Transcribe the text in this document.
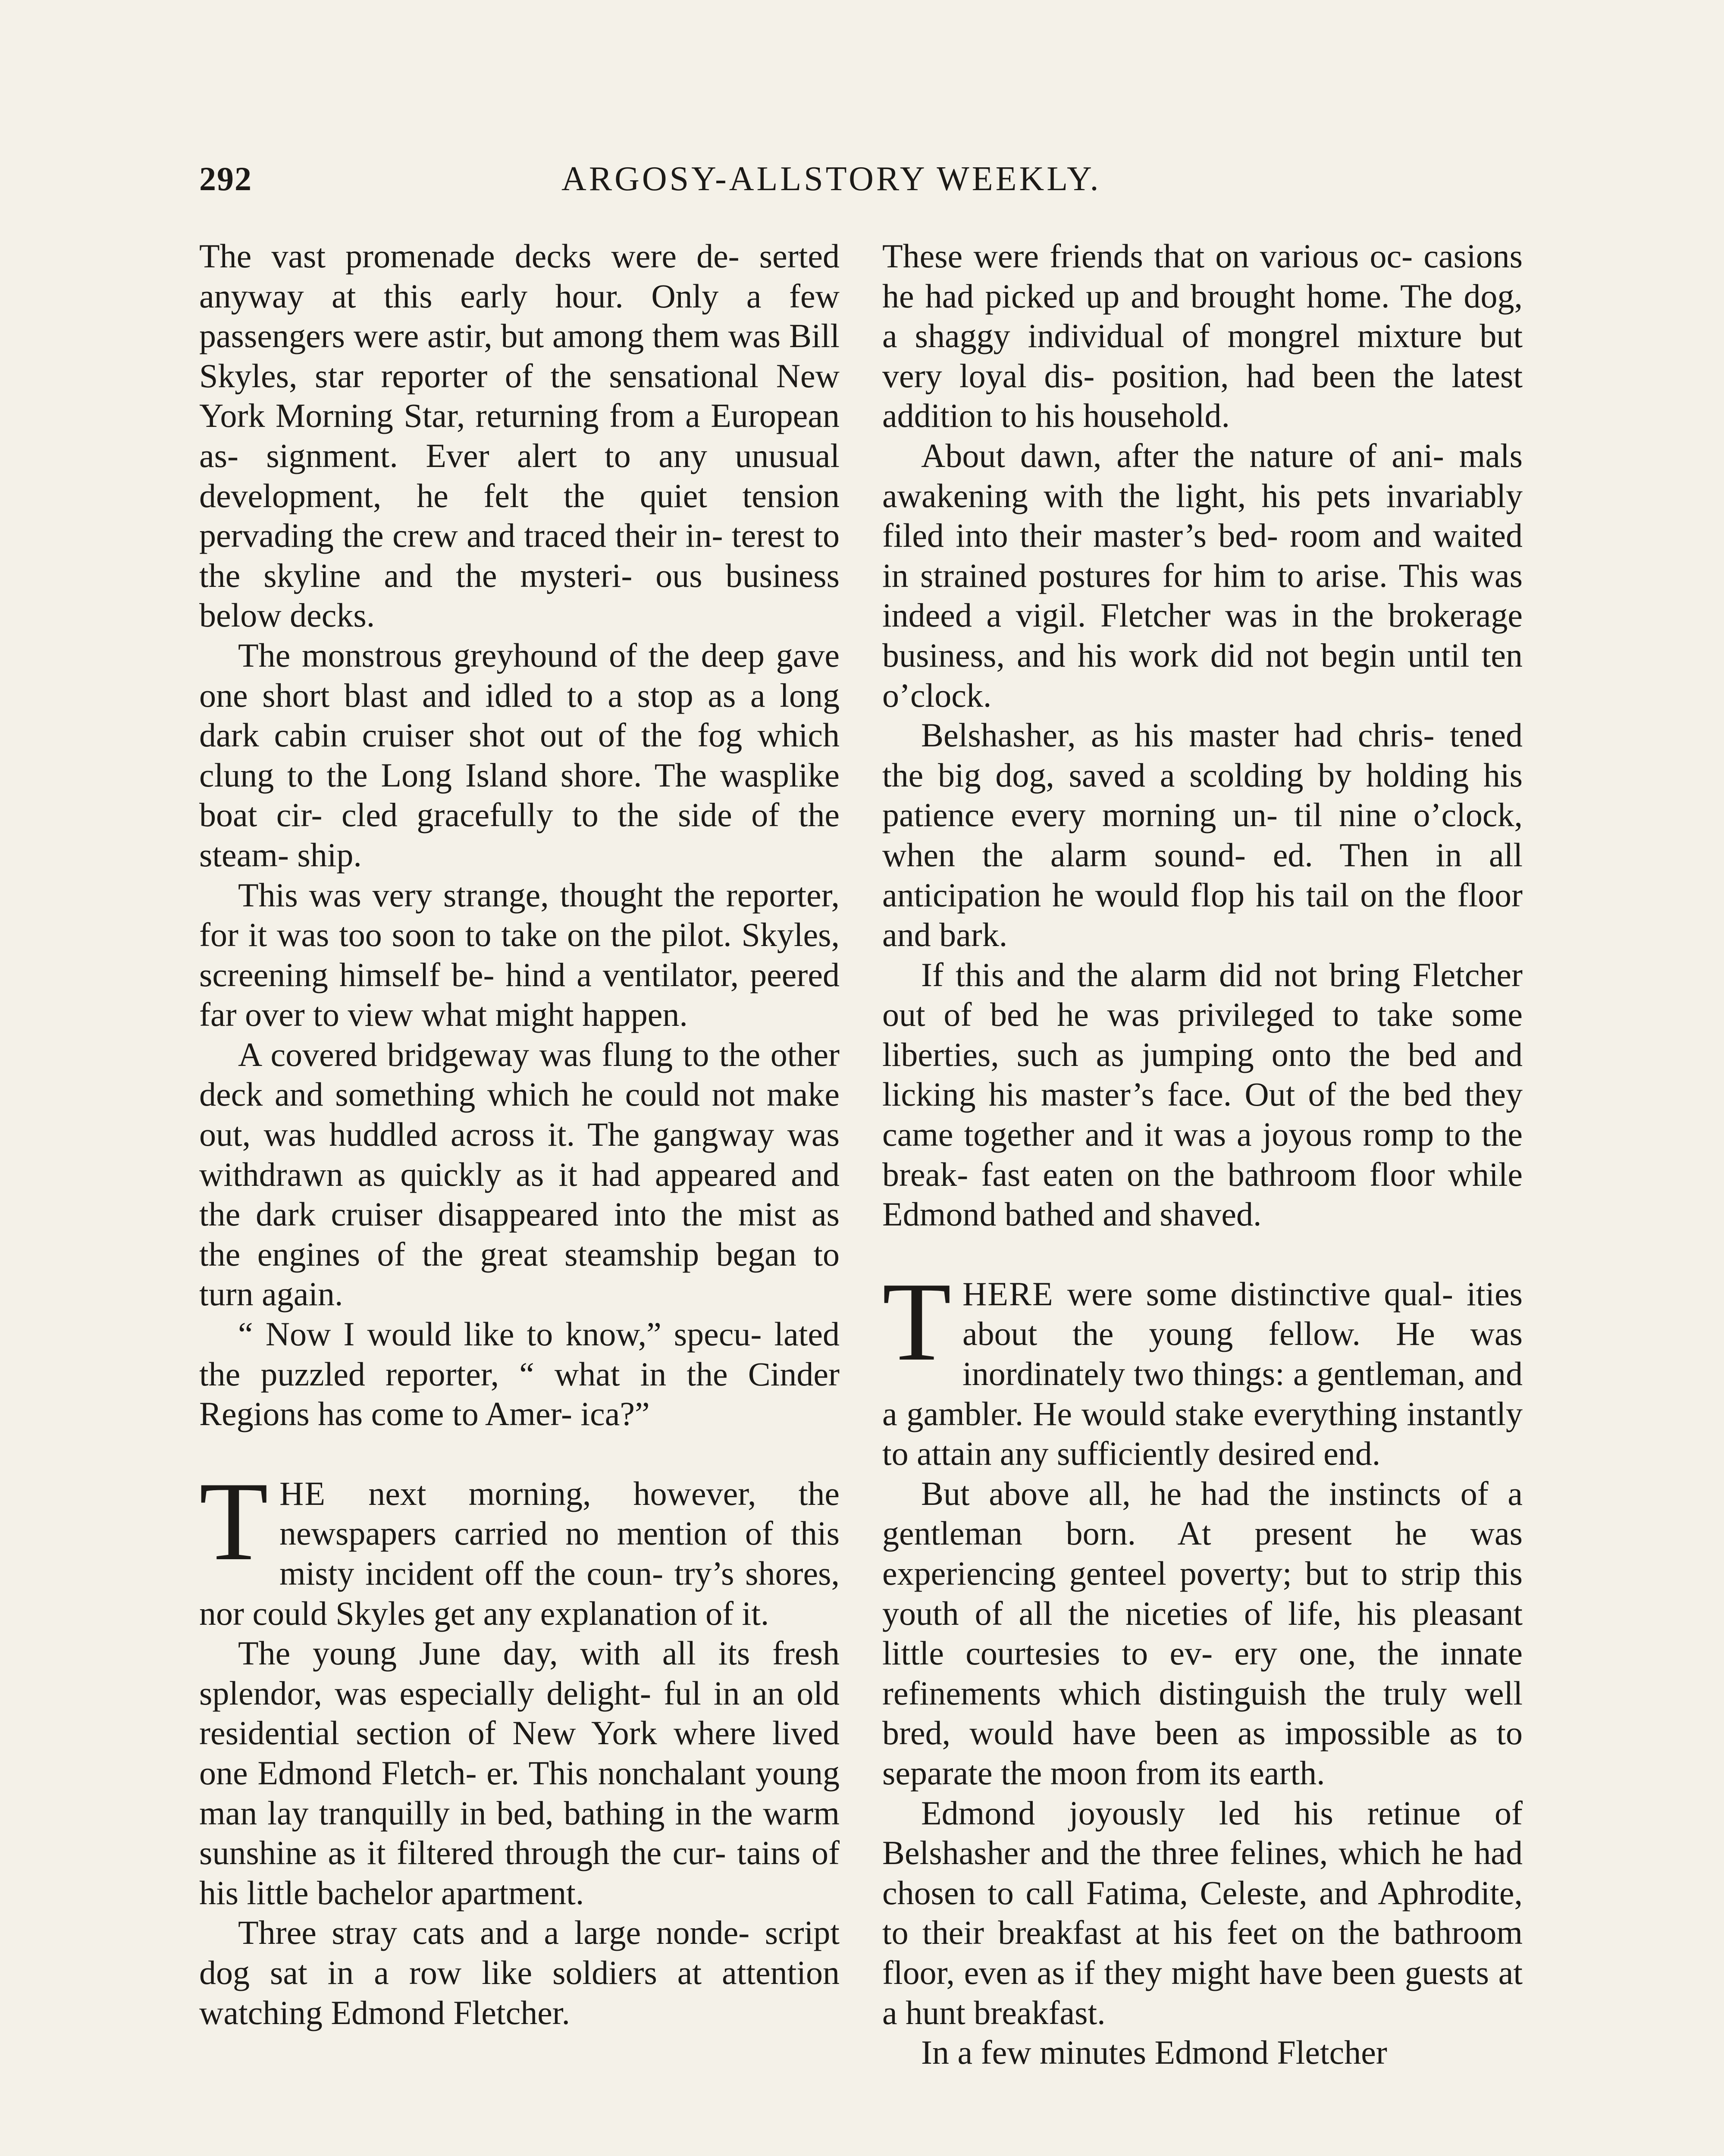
292	ARGOSY-ALLSTORY WEEKLY.

The vast promenade decks were de- serted anyway at this early hour. Only a few passengers were astir, but among them was Bill Skyles, star reporter of the sensational New York Morning Star, returning from a European as- signment. Ever alert to any unusual development, he felt the quiet tension pervading the crew and traced their in- terest to the skyline and the mysteri- ous business below decks.

The monstrous greyhound of the deep gave one short blast and idled to a stop as a long dark cabin cruiser shot out of the fog which clung to the Long Island shore. The wasplike boat cir- cled gracefully to the side of the steam- ship.

This was very strange, thought the reporter, for it was too soon to take on the pilot. Skyles, screening himself be- hind a ventilator, peered far over to view what might happen.

A covered bridgeway was flung to the other deck and something which he could not make out, was huddled across it. The gangway was withdrawn as quickly as it had appeared and the dark cruiser disappeared into the mist as the engines of the great steamship began to turn again.

“ Now I would like to know,” specu- lated the puzzled reporter, “ what in the Cinder Regions has come to Amer- ica?”

THE next morning, however, the newspapers carried no mention of this misty incident off the coun- try’s shores, nor could Skyles get any explanation of it.

The young June day, with all its fresh splendor, was especially delight- ful in an old residential section of New York where lived one Edmond Fletch- er. This nonchalant young man lay tranquilly in bed, bathing in the warm sunshine as it filtered through the cur- tains of his little bachelor apartment.

Three stray cats and a large nonde- script dog sat in a row like soldiers at attention watching Edmond Fletcher.

These were friends that on various oc- casions he had picked up and brought home. The dog, a shaggy individual of mongrel mixture but very loyal dis- position, had been the latest addition to his household.

About dawn, after the nature of ani- mals awakening with the light, his pets invariably filed into their master’s bed- room and waited in strained postures for him to arise. This was indeed a vigil. Fletcher was in the brokerage business, and his work did not begin until ten o’clock.

Belshasher, as his master had chris- tened the big dog, saved a scolding by holding his patience every morning un- til nine o’clock, when the alarm sound- ed. Then in all anticipation he would flop his tail on the floor and bark.

If this and the alarm did not bring Fletcher out of bed he was privileged to take some liberties, such as jumping onto the bed and licking his master’s face. Out of the bed they came together and it was a joyous romp to the break- fast eaten on the bathroom floor while Edmond bathed and shaved.

THERE were some distinctive qual- ities about the young fellow. He was inordinately two things: a gentleman, and a gambler. He would stake everything instantly to attain any sufficiently desired end.

But above all, he had the instincts of a gentleman born. At present he was experiencing genteel poverty; but to strip this youth of all the niceties of life, his pleasant little courtesies to ev- ery one, the innate refinements which distinguish the truly well bred, would have been as impossible as to separate the moon from its earth.

Edmond joyously led his retinue of Belshasher and the three felines, which he had chosen to call Fatima, Celeste, and Aphrodite, to their breakfast at his feet on the bathroom floor, even as if they might have been guests at a hunt breakfast.

In a few minutes Edmond Fletcher
